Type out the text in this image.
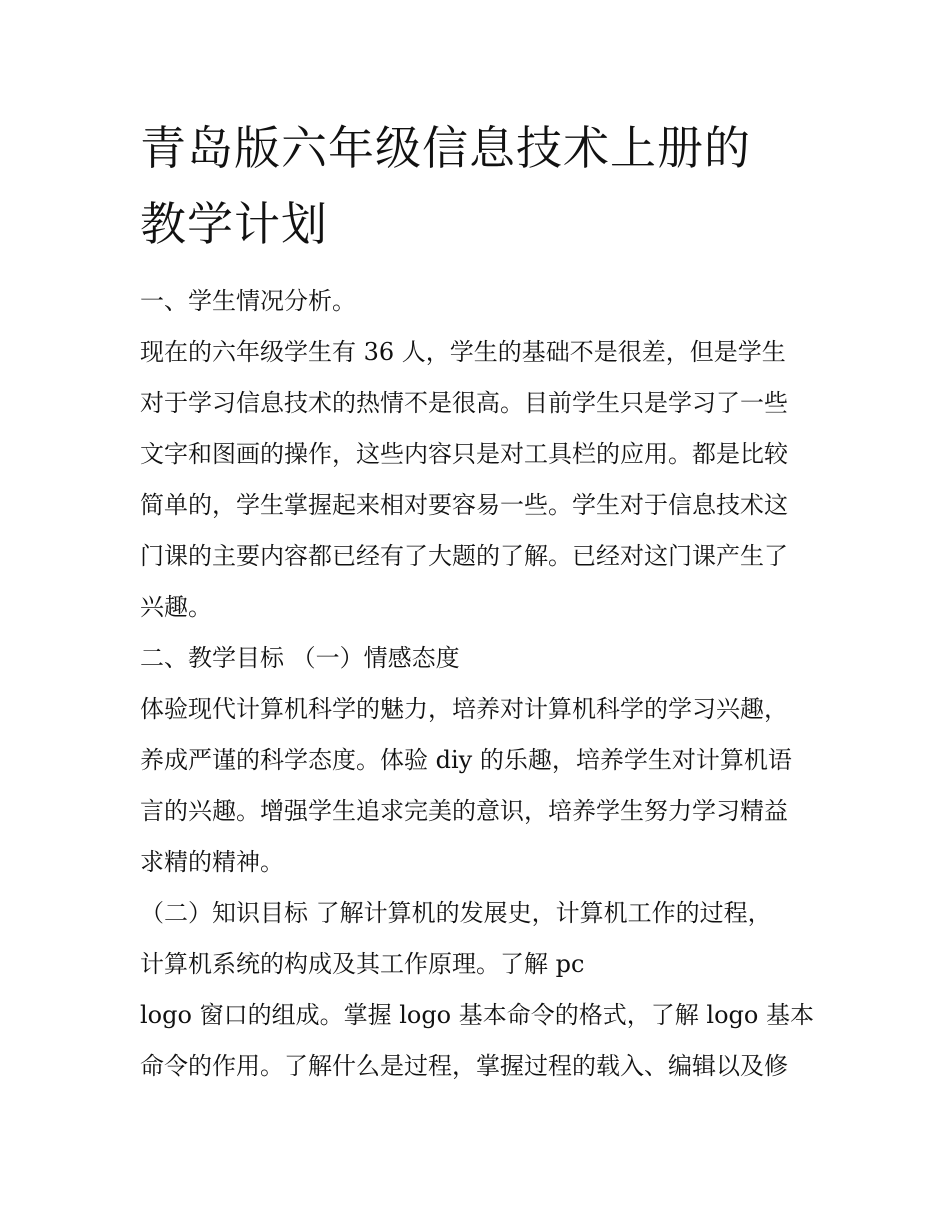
青岛版六年级信息技术上册的
教学计划
一、学生情况分析。
现在的六年级学生有 36 人，学生的基础不是很差，但是学生
对于学习信息技术的热情不是很高。目前学生只是学习了一些
文字和图画的操作，这些内容只是对工具栏的应用。都是比较
简单的，学生掌握起来相对要容易一些。学生对于信息技术这
门课的主要内容都已经有了大题的了解。已经对这门课产生了
兴趣。
二、教学目标 （一）情感态度
体验现代计算机科学的魅力，培养对计算机科学的学习兴趣，
养成严谨的科学态度。体验 diy 的乐趣，培养学生对计算机语
言的兴趣。增强学生追求完美的意识，培养学生努力学习精益
求精的精神。
（二）知识目标 了解计算机的发展史，计算机工作的过程，
计算机系统的构成及其工作原理。了解 pc
logo 窗口的组成。掌握 logo 基本命令的格式，了解 logo 基本
命令的作用。了解什么是过程，掌握过程的载入、编辑以及修
